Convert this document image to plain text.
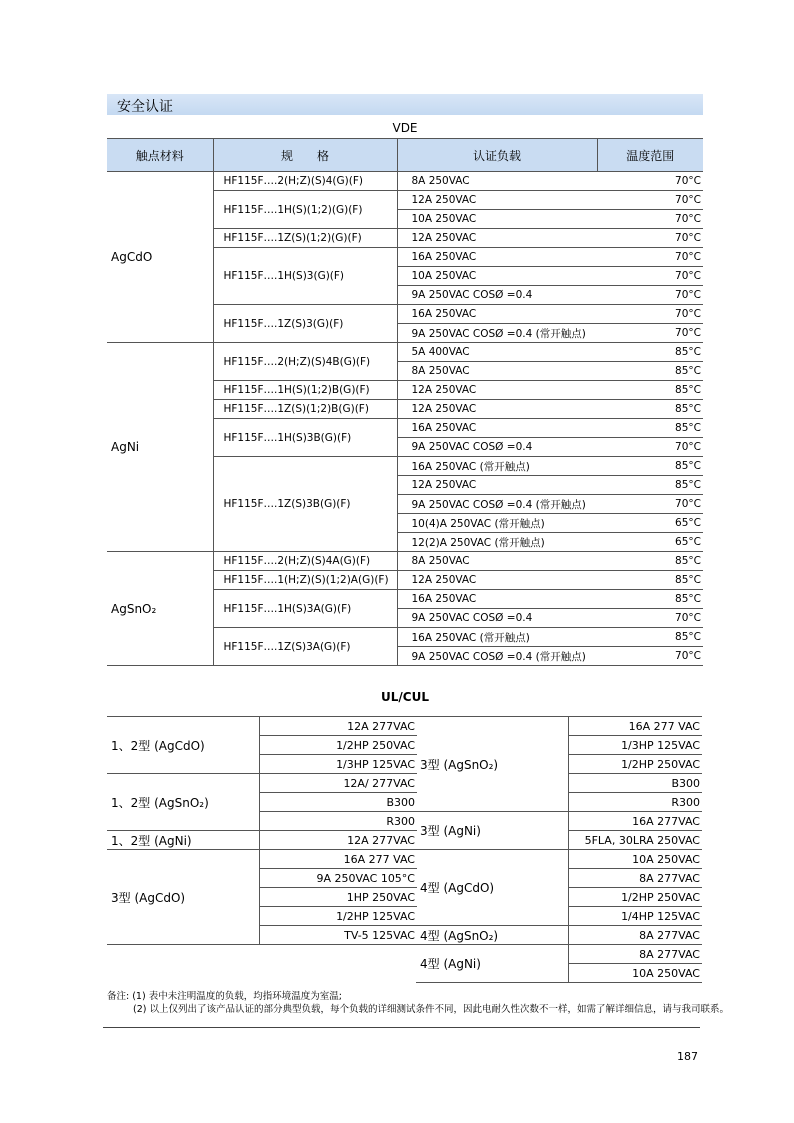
安全认证
VDE
触点材料	规　　格	认证负载	温度范围
AgCdO	HF115F….2(H;Z)(S)4(G)(F)	8A 250VAC	70°C
	HF115F….1H(S)(1;2)(G)(F)	12A 250VAC	70°C
		10A 250VAC	70°C
	HF115F….1Z(S)(1;2)(G)(F)	12A 250VAC	70°C
	HF115F….1H(S)3(G)(F)	16A 250VAC	70°C
		10A 250VAC	70°C
		9A 250VAC COSØ =0.4	70°C
	HF115F….1Z(S)3(G)(F)	16A 250VAC	70°C
		9A 250VAC COSØ =0.4 (常开触点)	70°C
AgNi	HF115F….2(H;Z)(S)4B(G)(F)	5A 400VAC	85°C
		8A 250VAC	85°C
	HF115F….1H(S)(1;2)B(G)(F)	12A 250VAC	85°C
	HF115F….1Z(S)(1;2)B(G)(F)	12A 250VAC	85°C
	HF115F….1H(S)3B(G)(F)	16A 250VAC	85°C
		9A 250VAC COSØ =0.4	70°C
	HF115F….1Z(S)3B(G)(F)	16A 250VAC (常开触点)	85°C
		12A 250VAC	85°C
		9A 250VAC COSØ =0.4 (常开触点)	70°C
		10(4)A 250VAC (常开触点)	65°C
		12(2)A 250VAC (常开触点)	65°C
AgSnO₂	HF115F….2(H;Z)(S)4A(G)(F)	8A 250VAC	85°C
	HF115F….1(H;Z)(S)(1;2)A(G)(F)	12A 250VAC	85°C
	HF115F….1H(S)3A(G)(F)	16A 250VAC	85°C
		9A 250VAC COSØ =0.4	70°C
	HF115F….1Z(S)3A(G)(F)	16A 250VAC (常开触点)	85°C
		9A 250VAC COSØ =0.4 (常开触点)	70°C
UL/CUL
1、2型 (AgCdO)	12A 277VAC
	1/2HP 250VAC
	1/3HP 125VAC
1、2型 (AgSnO₂)	12A/ 277VAC
	B300
	R300
1、2型 (AgNi)	12A 277VAC
3型 (AgCdO)	16A 277 VAC
	9A 250VAC 105°C
	1HP 250VAC
	1/2HP 125VAC
	TV-5 125VAC
3型 (AgSnO₂)	16A 277 VAC
	1/3HP 125VAC
	1/2HP 250VAC
	B300
	R300
3型 (AgNi)	16A 277VAC
	5FLA, 30LRA 250VAC
4型 (AgCdO)	10A 250VAC
	8A 277VAC
	1/2HP 250VAC
	1/4HP 125VAC
4型 (AgSnO₂)	8A 277VAC
4型 (AgNi)	8A 277VAC
	10A 250VAC
备注: (1) 表中未注明温度的负载，均指环境温度为室温;
(2) 以上仅列出了该产品认证的部分典型负载，每个负载的详细测试条件不同，因此电耐久性次数不一样，如需了解详细信息，请与我司联系。
187
